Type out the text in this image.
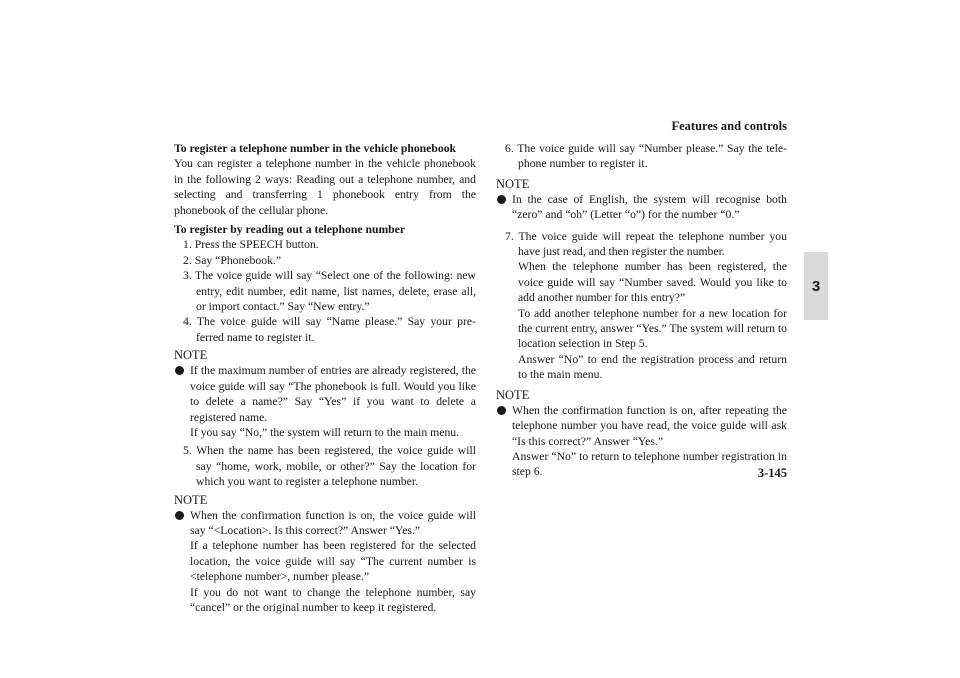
Features and controls
3
3-145

To register a telephone number in the vehicle phonebook

You can register a telephone number in the vehicle phonebook in the following 2 ways: Reading out a telephone number, and selecting and transferring 1 phonebook entry from the phonebook of the cellular phone.

To register by reading out a telephone number

1. Press the SPEECH button.

2. Say “Phonebook.”

3. The voice guide will say “Select one of the following: new entry, edit number, edit name, list names, delete, erase all, or import contact.” Say “New entry.”

4. The voice guide will say “Name please.” Say your pre-ferred name to register it.

NOTE
If the maximum number of entries are already registered, the voice guide will say “The phonebook is full. Would you like to delete a name?” Say “Yes” if you want to delete a registered name.
If you say “No,” the system will return to the main menu.

5. When the name has been registered, the voice guide will say “home, work, mobile, or other?” Say the location for which you want to register a telephone number.

NOTE
When the confirmation function is on, the voice guide will say “<Location>. Is this correct?” Answer “Yes.”
If a telephone number has been registered for the selected location, the voice guide will say “The current number is <telephone number>, number please.”
If you do not want to change the telephone number, say “cancel” or the original number to keep it registered.

6. The voice guide will say “Number please.” Say the tele-phone number to register it.

NOTE
In the case of English, the system will recognise both “zero” and “oh” (Letter “o”) for the number “0.”
7. The voice guide will repeat the telephone number you have just read, and then register the number.
When the telephone number has been registered, the voice guide will say “Number saved. Would you like to add another number for this entry?”
To add another telephone number for a new location for the current entry, answer “Yes.” The system will return to location selection in Step 5.
Answer “No” to end the registration process and return to the main menu.
NOTE
When the confirmation function is on, after repeating the telephone number you have read, the voice guide will ask “Is this correct?” Answer “Yes.”
Answer “No” to return to telephone number registration in step 6.
